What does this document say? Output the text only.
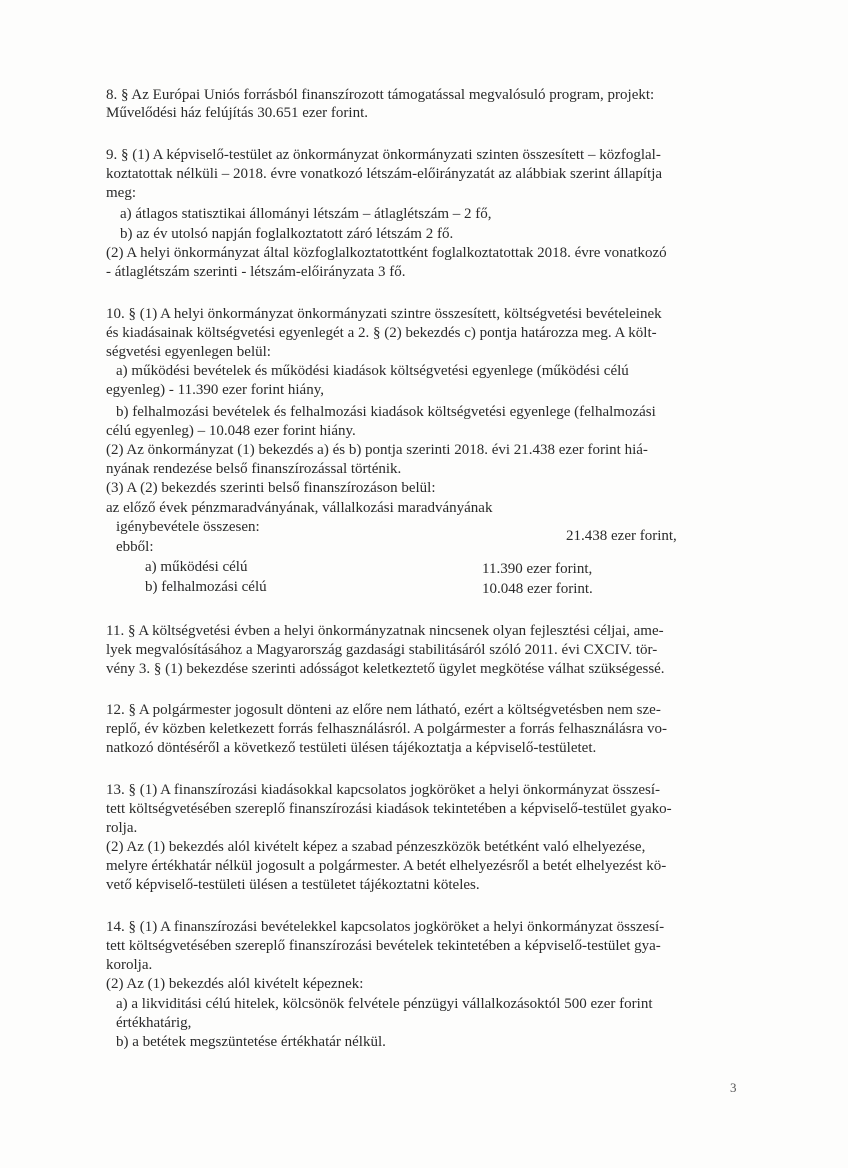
8. § Az Európai Uniós forrásból finanszírozott támogatással megvalósuló program, projekt:
Művelődési ház felújítás 30.651 ezer forint.
9. § (1) A képviselő-testület az önkormányzat önkormányzati szinten összesített – közfoglal-
koztatottak nélküli – 2018. évre vonatkozó létszám-előirányzatát az alábbiak szerint állapítja
meg:
a) átlagos statisztikai állományi létszám – átlaglétszám – 2 fő,
b) az év utolsó napján foglalkoztatott záró létszám 2 fő.
(2) A helyi önkormányzat által közfoglalkoztatottként foglalkoztatottak 2018. évre vonatkozó
- átlaglétszám szerinti - létszám-előirányzata 3 fő.
10. § (1) A helyi önkormányzat önkormányzati szintre összesített, költségvetési bevételeinek
és kiadásainak költségvetési egyenlegét a 2. § (2) bekezdés c) pontja határozza meg. A költ-
ségvetési egyenlegen belül:
a) működési bevételek és működési kiadások költségvetési egyenlege (működési célú
egyenleg) - 11.390 ezer forint hiány,
b) felhalmozási bevételek és felhalmozási kiadások költségvetési egyenlege (felhalmozási
célú egyenleg) – 10.048 ezer forint hiány.
(2) Az önkormányzat (1) bekezdés a) és b) pontja szerinti 2018. évi 21.438 ezer forint hiá-
nyának rendezése belső finanszírozással történik.
(3) A (2) bekezdés szerinti belső finanszírozáson belül:
az előző évek pénzmaradványának, vállalkozási maradványának
igénybevétele összesen:
21.438 ezer forint,
ebből:
a) működési célú	11.390 ezer forint,
b) felhalmozási célú	10.048 ezer forint.
11. § A költségvetési évben a helyi önkormányzatnak nincsenek olyan fejlesztési céljai, ame-
lyek megvalósításához a Magyarország gazdasági stabilitásáról szóló 2011. évi CXCIV. tör-
vény 3. § (1) bekezdése szerinti adósságot keletkeztető ügylet megkötése válhat szükségessé.
12. § A polgármester jogosult dönteni az előre nem látható, ezért a költségvetésben nem sze-
replő, év közben keletkezett forrás felhasználásról. A polgármester a forrás felhasználásra vo-
natkozó döntéséről a következő testületi ülésen tájékoztatja a képviselő-testületet.
13. § (1) A finanszírozási kiadásokkal kapcsolatos jogköröket a helyi önkormányzat összesí-
tett költségvetésében szereplő finanszírozási kiadások tekintetében a képviselő-testület gyako-
rolja.
(2) Az (1) bekezdés alól kivételt képez a szabad pénzeszközök betétként való elhelyezése,
melyre értékhatár nélkül jogosult a polgármester. A betét elhelyezésről a betét elhelyezést kö-
vető képviselő-testületi ülésen a testületet tájékoztatni köteles.
14. § (1) A finanszírozási bevételekkel kapcsolatos jogköröket a helyi önkormányzat összesí-
tett költségvetésében szereplő finanszírozási bevételek tekintetében a képviselő-testület gya-
korolja.
(2) Az (1) bekezdés alól kivételt képeznek:
a) a likviditási célú hitelek, kölcsönök felvétele pénzügyi vállalkozásoktól 500 ezer forint
értékhatárig,
b) a betétek megszüntetése értékhatár nélkül.
3
